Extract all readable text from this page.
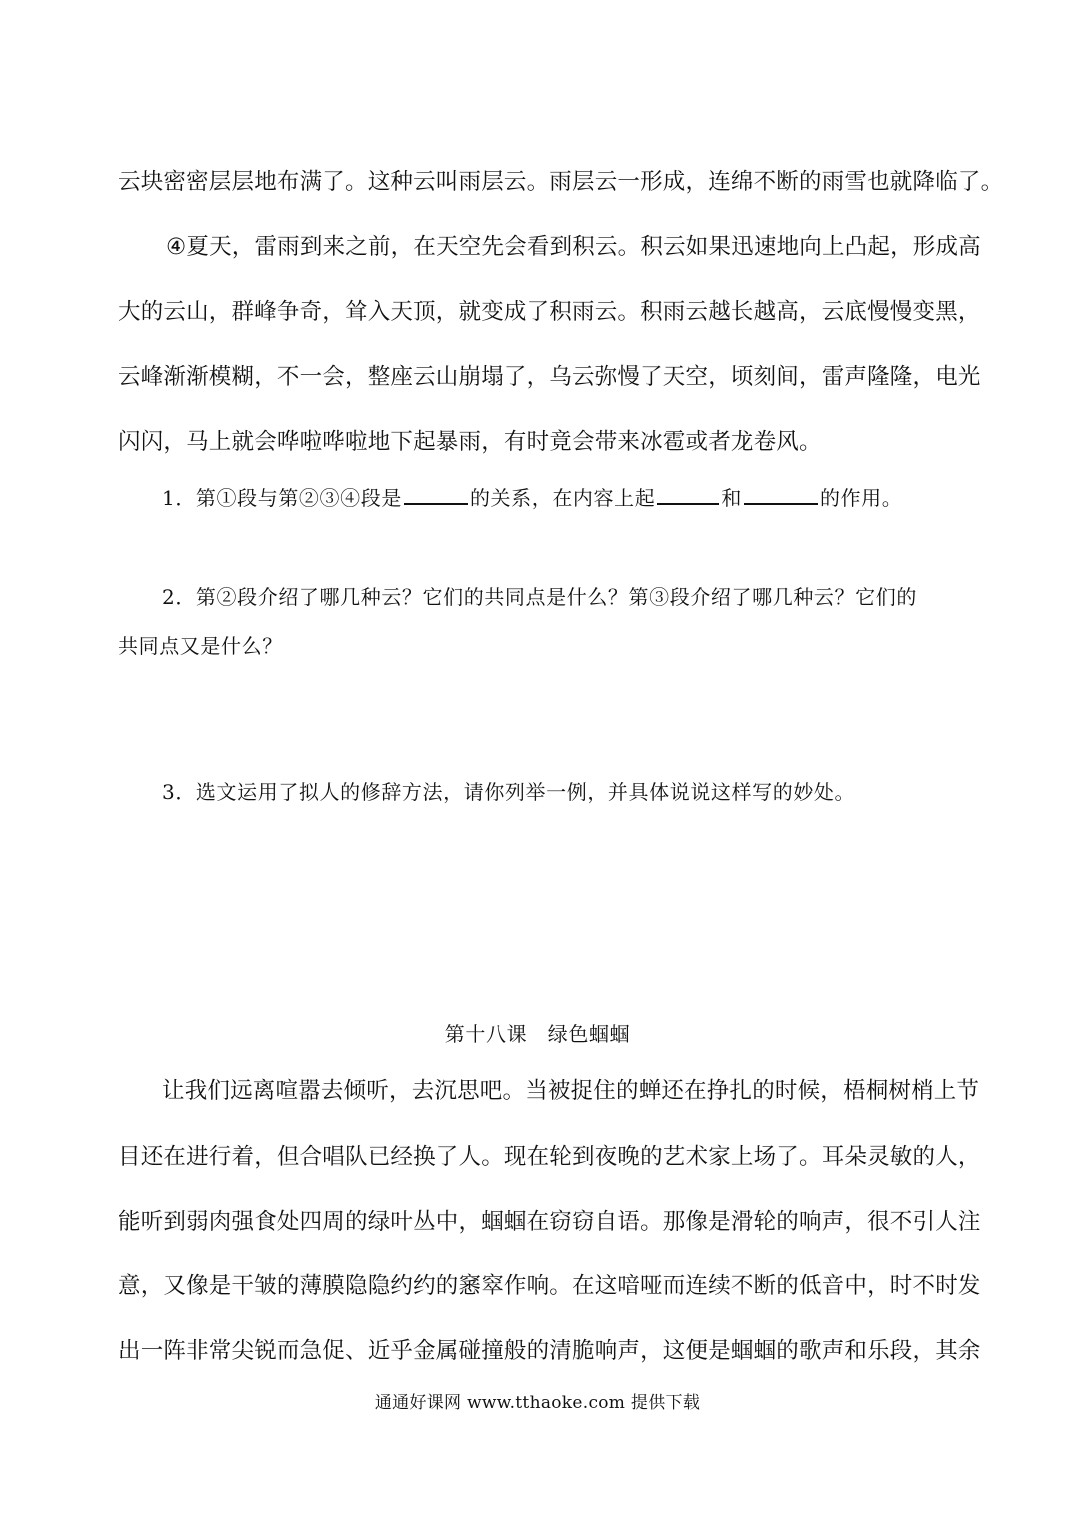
云块密密层层地布满了。这种云叫雨层云。雨层云一形成，连绵不断的雨雪也就降临了。
④夏天，雷雨到来之前，在天空先会看到积云。积云如果迅速地向上凸起，形成高
大的云山，群峰争奇，耸入天顶，就变成了积雨云。积雨云越长越高，云底慢慢变黑，
云峰渐渐模糊，不一会，整座云山崩塌了，乌云弥慢了天空，顷刻间，雷声隆隆，电光
闪闪，马上就会哗啦哗啦地下起暴雨，有时竟会带来冰雹或者龙卷风。
1．第①段与第②③④段是	的关系，在内容上起	和	的作用。
2．第②段介绍了哪几种云？它们的共同点是什么？第③段介绍了哪几种云？它们的
共同点又是什么？
3．选文运用了拟人的修辞方法，请你列举一例，并具体说说这样写的妙处。
第十八课　绿色蝈蝈
让我们远离喧嚣去倾听，去沉思吧。当被捉住的蝉还在挣扎的时候，梧桐树梢上节
目还在进行着，但合唱队已经换了人。现在轮到夜晚的艺术家上场了。耳朵灵敏的人，
能听到弱肉强食处四周的绿叶丛中，蝈蝈在窃窃自语。那像是滑轮的响声，很不引人注
意，又像是干皱的薄膜隐隐约约的窸窣作响。在这喑哑而连续不断的低音中，时不时发
出一阵非常尖锐而急促、近乎金属碰撞般的清脆响声，这便是蝈蝈的歌声和乐段，其余
通通好课网 www.tthaoke.com 提供下载
